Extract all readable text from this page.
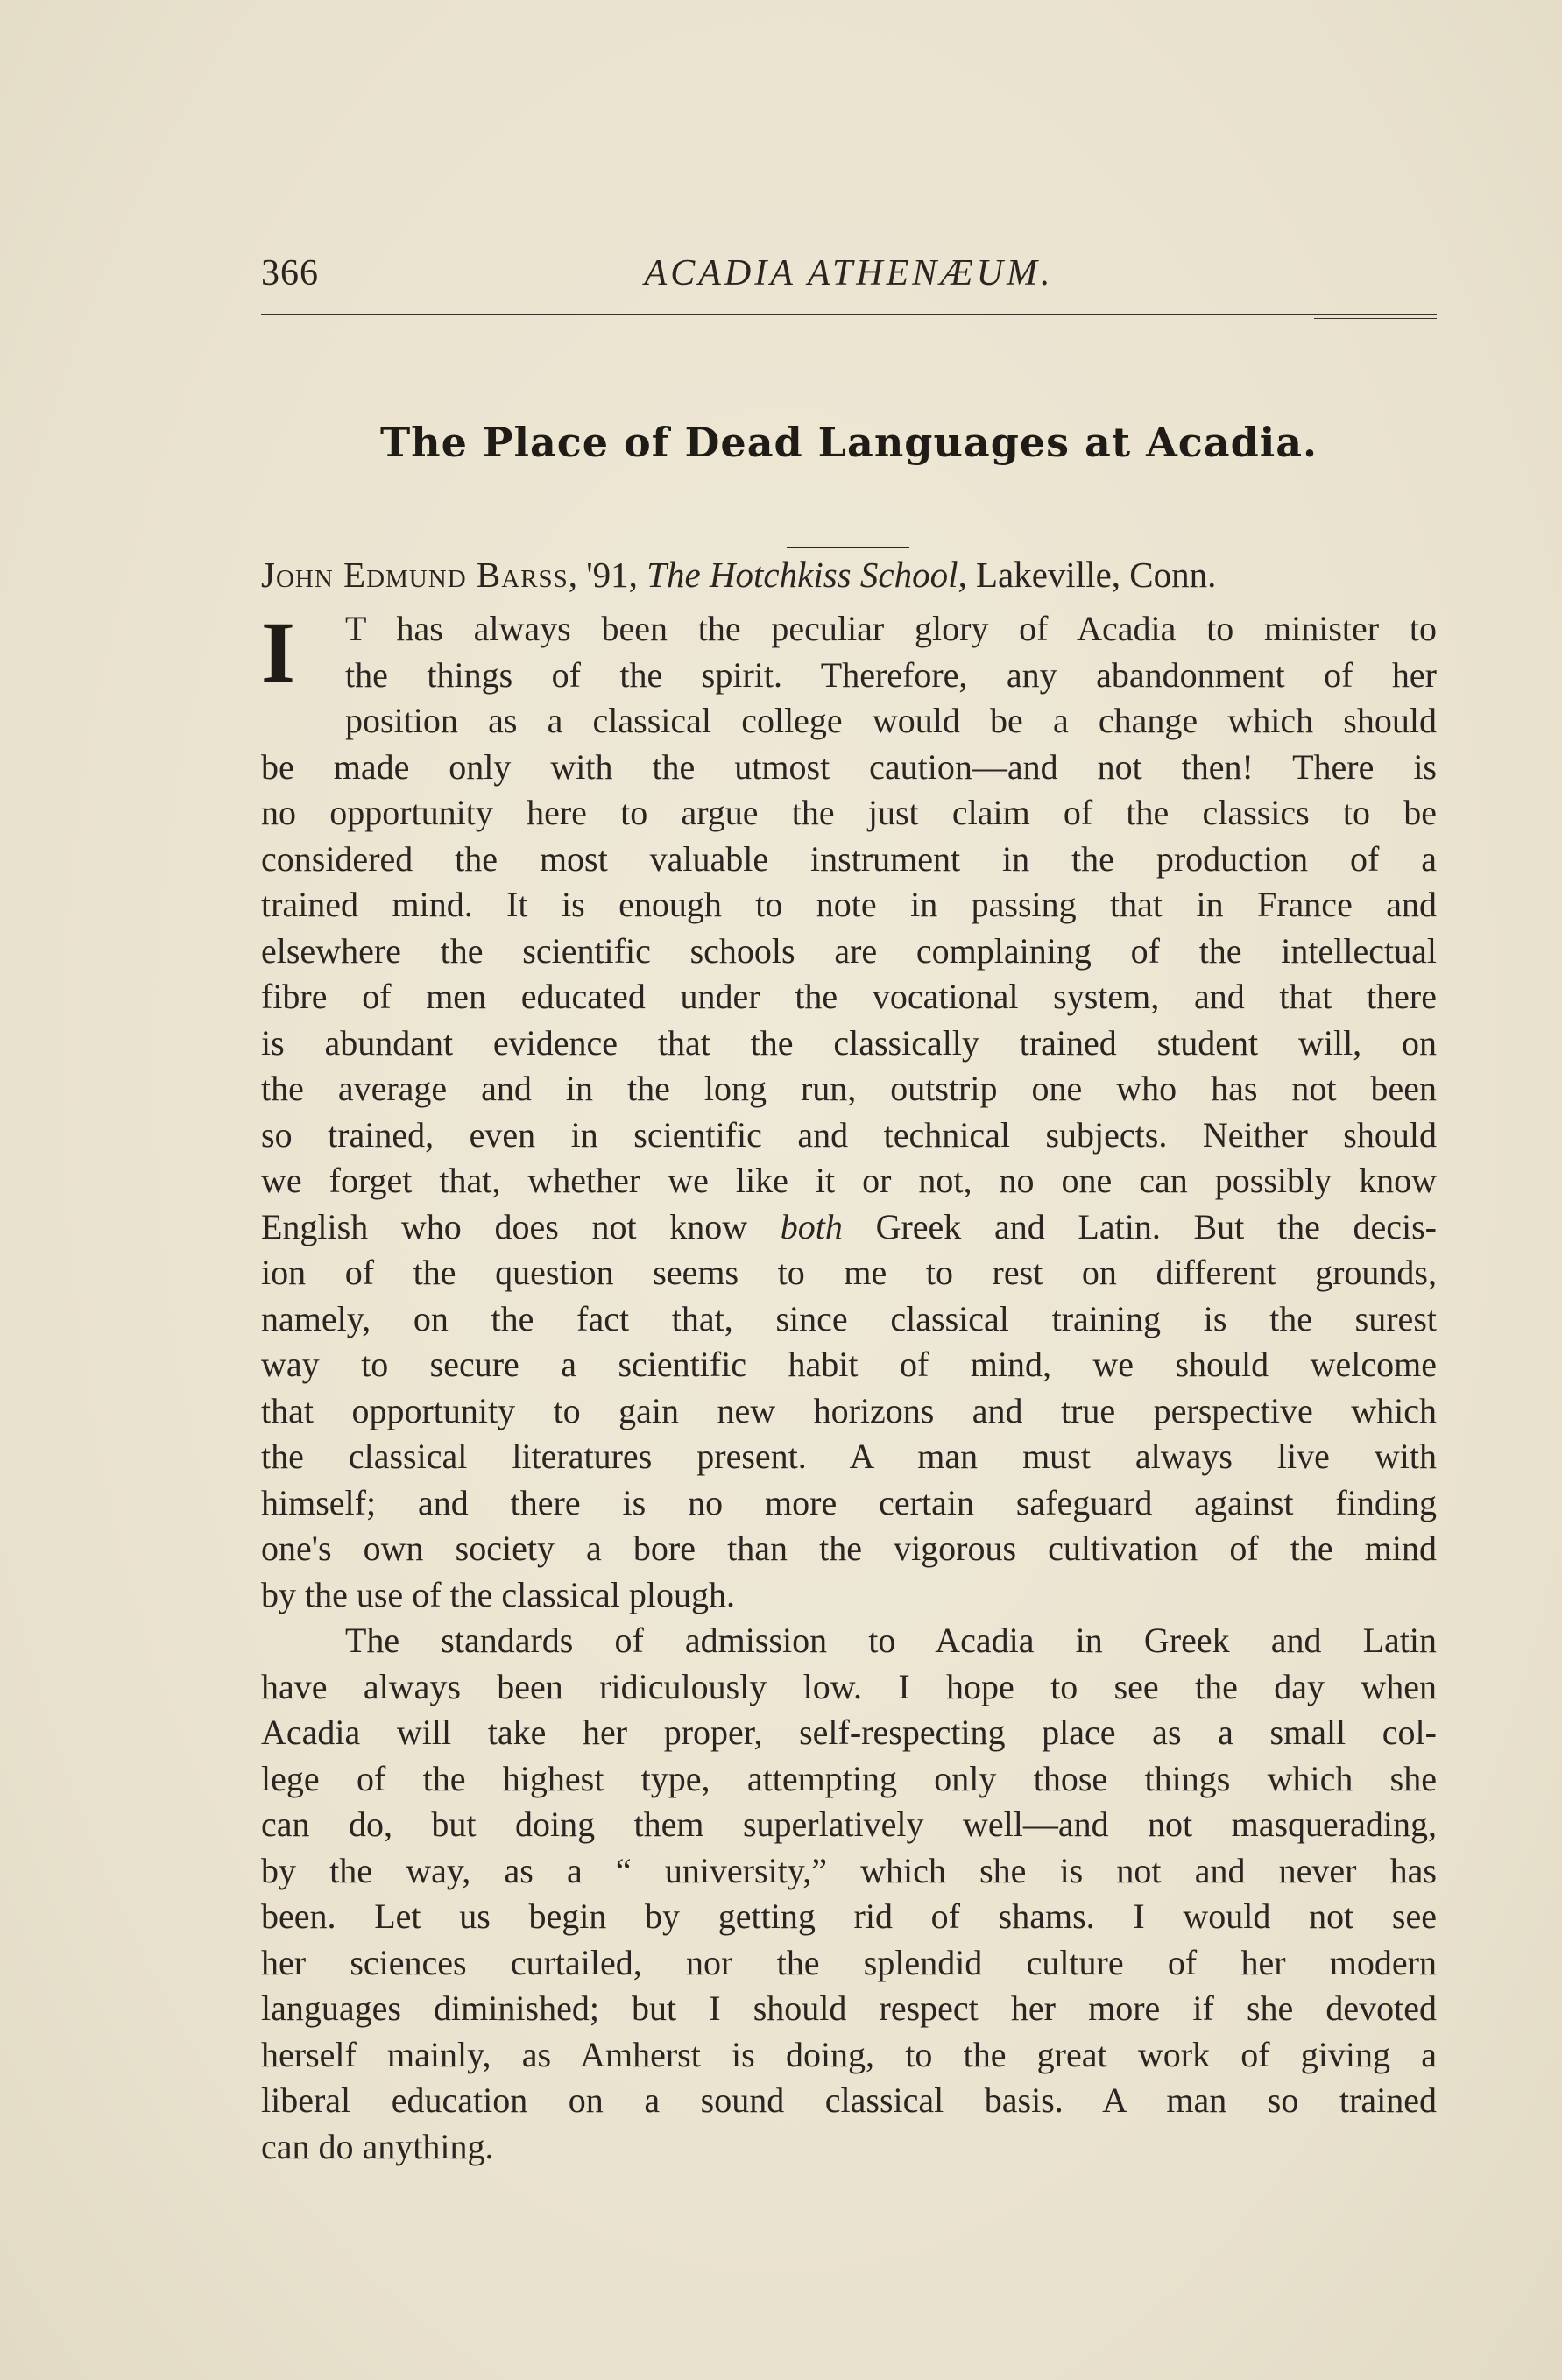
366	ACADIA ATHENÆUM.
The Place of Dead Languages at Acadia.
John Edmund Barss, '91, The Hotchkiss School, Lakeville, Conn.
I	T has always been the peculiar glory of Acadia to minister to
the things of the spirit. Therefore, any abandonment of her
position as a classical college would be a change which should
be made only with the utmost caution—and not then! There is
no opportunity here to argue the just claim of the classics to be
considered the most valuable instrument in the production of a
trained mind. It is enough to note in passing that in France and
elsewhere the scientific schools are complaining of the intellectual
fibre of men educated under the vocational system, and that there
is abundant evidence that the classically trained student will, on
the average and in the long run, outstrip one who has not been
so trained, even in scientific and technical subjects. Neither should
we forget that, whether we like it or not, no one can possibly know
English who does not know both Greek and Latin. But the decis-
ion of the question seems to me to rest on different grounds,
namely, on the fact that, since classical training is the surest
way to secure a scientific habit of mind, we should welcome
that opportunity to gain new horizons and true perspective which
the classical literatures present. A man must always live with
himself; and there is no more certain safeguard against finding
one's own society a bore than the vigorous cultivation of the mind
by the use of the classical plough.
The standards of admission to Acadia in Greek and Latin
have always been ridiculously low. I hope to see the day when
Acadia will take her proper, self-respecting place as a small col-
lege of the highest type, attempting only those things which she
can do, but doing them superlatively well—and not masquerading,
by the way, as a “ university,” which she is not and never has
been. Let us begin by getting rid of shams. I would not see
her sciences curtailed, nor the splendid culture of her modern
languages diminished; but I should respect her more if she devoted
herself mainly, as Amherst is doing, to the great work of giving a
liberal education on a sound classical basis. A man so trained
can do anything.
